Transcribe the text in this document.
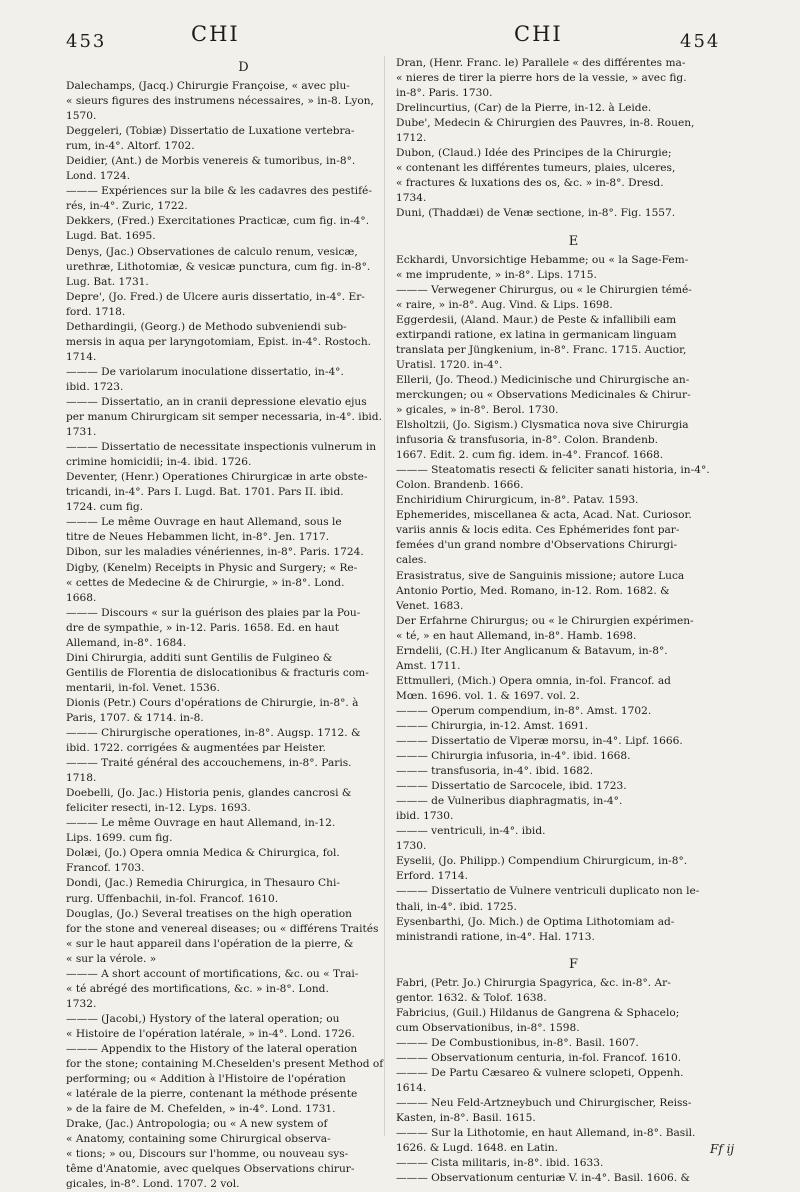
453	CHI	CHI	454
D
Dalechamps, (Jacq.) Chirurgie Françoise, « avec plu-
« sieurs figures des instrumens nécessaires, » in-8. Lyon,
1570.
Deggeleri, (Tobiæ) Dissertatio de Luxatione vertebra-
rum, in-4°. Altorf. 1702.
Deidier, (Ant.) de Morbis venereis & tumoribus, in-8°.
Lond. 1724.
——— Expériences sur la bile & les cadavres des pestifé-
rés, in-4°. Zuric, 1722.
Dekkers, (Fred.) Exercitationes Practicæ, cum fig. in-4°.
Lugd. Bat. 1695.
Denys, (Jac.) Observationes de calculo renum, vesicæ,
urethræ, Lithotomiæ, & vesicæ punctura, cum fig. in-8°.
Lug. Bat. 1731.
Depre', (Jo. Fred.) de Ulcere auris dissertatio, in-4°. Er-
ford. 1718.
Dethardingii, (Georg.) de Methodo subveniendi sub-
mersis in aqua per laryngotomiam, Epist. in-4°. Rostoch.
1714.
——— De variolarum inoculatione dissertatio, in-4°.
ibid. 1723.
——— Dissertatio, an in cranii depressione elevatio ejus
per manum Chirurgicam sit semper necessaria, in-4°. ibid.
1731.
——— Dissertatio de necessitate inspectionis vulnerum in
crimine homicidii; in-4. ibid. 1726.
Deventer, (Henr.) Operationes Chirurgicæ in arte obste-
tricandi, in-4°. Pars I. Lugd. Bat. 1701. Pars II. ibid.
1724. cum fig.
——— Le même Ouvrage en haut Allemand, sous le
titre de Neues Hebammen licht, in-8°. Jen. 1717.
Dibon, sur les maladies vénériennes, in-8°. Paris. 1724.
Digby, (Kenelm) Receipts in Physic and Surgery; « Re-
« cettes de Medecine & de Chirurgie, » in-8°. Lond.
1668.
——— Discours « sur la guérison des plaies par la Pou-
dre de sympathie, » in-12. Paris. 1658. Ed. en haut
Allemand, in-8°. 1684.
Dini Chirurgia, additi sunt Gentilis de Fulgineo &
Gentilis de Florentia de dislocationibus & fracturis com-
mentarii, in-fol. Venet. 1536.
Dionis (Petr.) Cours d'opérations de Chirurgie, in-8°. à
Paris, 1707. & 1714. in-8.
——— Chirurgische operationes, in-8°. Augsp. 1712. &
ibid. 1722. corrigées & augmentées par Heister.
——— Traité général des accouchemens, in-8°. Paris.
1718.
Doebelli, (Jo. Jac.) Historia penis, glandes cancrosi &
feliciter resecti, in-12. Lyps. 1693.
——— Le même Ouvrage en haut Allemand, in-12.
Lips. 1699. cum fig.
Dolæi, (Jo.) Opera omnia Medica & Chirurgica, fol.
Francof. 1703.
Dondi, (Jac.) Remedia Chirurgica, in Thesauro Chi-
rurg. Uffenbachii, in-fol. Francof. 1610.
Douglas, (Jo.) Several treatises on the high operation
for the stone and venereal diseases; ou « différens Traités
« sur le haut appareil dans l'opération de la pierre, &
« sur la vérole. »
——— A short account of mortifications, &c. ou « Trai-
« té abrégé des mortifications, &c. » in-8°. Lond.
1732.
——— (Jacobi,) Hystory of the lateral operation; ou
« Histoire de l'opération latérale, » in-4°. Lond. 1726.
——— Appendix to the History of the lateral operation
for the stone; containing M.Cheselden's present Method of
performing; ou « Addition à l'Histoire de l'opération
« latérale de la pierre, contenant la méthode présente
» de la faire de M. Chefelden, » in-4°. Lond. 1731.
Drake, (Jac.) Antropologia; ou « A new system of
« Anatomy, containing some Chirurgical observa-
« tions; » ou, Discours sur l'homme, ou nouveau sys-
tême d'Anatomie, avec quelques Observations chirur-
gicales, in-8°. Lond. 1707. 2 vol.
Dran, (Henr. Franc. le) Parallele « des différentes ma-
« nieres de tirer la pierre hors de la vessie, » avec fig.
in-8°. Paris. 1730.
Drelincurtius, (Car) de la Pierre, in-12. à Leide.
Dube', Medecin & Chirurgien des Pauvres, in-8. Rouen,
1712.
Dubon, (Claud.) Idée des Principes de la Chirurgie;
« contenant les différentes tumeurs, plaies, ulceres,
« fractures & luxations des os, &c. » in-8°. Dresd.
1734.
Duni, (Thaddæi) de Venæ sectione, in-8°. Fig. 1557.
E
Eckhardi, Unvorsichtige Hebamme; ou « la Sage-Fem-
« me imprudente, » in-8°. Lips. 1715.
——— Verwegener Chirurgus, ou « le Chirurgien témé-
« raire, » in-8°. Aug. Vind. & Lips. 1698.
Eggerdesii, (Aland. Maur.) de Peste & infallibili eam
extirpandi ratione, ex latina in germanicam linguam
translata per Jüngkenium, in-8°. Franc. 1715. Auctior,
Uratisl. 1720. in-4°.
Ellerii, (Jo. Theod.) Medicinische und Chirurgische an-
merckungen; ou « Observations Medicinales & Chirur-
» gicales, » in-8°. Berol. 1730.
Elsholtzii, (Jo. Sigism.) Clysmatica nova sive Chirurgia
infusoria & transfusoria, in-8°. Colon. Brandenb.
1667. Edit. 2. cum fig. idem. in-4°. Francof. 1668.
——— Steatomatis resecti & feliciter sanati historia, in-4°.
Colon. Brandenb. 1666.
Enchiridium Chirurgicum, in-8°. Patav. 1593.
Ephemerides, miscellanea & acta, Acad. Nat. Curiosor.
variis annis & locis edita. Ces Ephémerides font par-
femées d'un grand nombre d'Observations Chirurgi-
cales.
Erasistratus, sive de Sanguinis missione; autore Luca
Antonio Portio, Med. Romano, in-12. Rom. 1682. &
Venet. 1683.
Der Erfahrne Chirurgus; ou « le Chirurgien expérimen-
« té, » en haut Allemand, in-8°. Hamb. 1698.
Erndelii, (C.H.) Iter Anglicanum & Batavum, in-8°.
Amst. 1711.
Ettmulleri, (Mich.) Opera omnia, in-fol. Francof. ad
Mœn. 1696. vol. 1. & 1697. vol. 2.
——— Operum compendium, in-8°. Amst. 1702.
——— Chirurgia, in-12. Amst. 1691.
——— Dissertatio de Viperæ morsu, in-4°. Lipf. 1666.
——— Chirurgia infusoria, in-4°. ibid. 1668.
——— transfusoria, in-4°. ibid. 1682.
——— Dissertatio de Sarcocele, ibid. 1723.
——— de Vulneribus diaphragmatis, in-4°.
ibid. 1730.
——— ventriculi, in-4°. ibid.
1730.
Eyselii, (Jo. Philipp.) Compendium Chirurgicum, in-8°.
Erford. 1714.
——— Dissertatio de Vulnere ventriculi duplicato non le-
thali, in-4°. ibid. 1725.
Eysenbarthi, (Jo. Mich.) de Optima Lithotomiam ad-
ministrandi ratione, in-4°. Hal. 1713.
F
Fabri, (Petr. Jo.) Chirurgia Spagyrica, &c. in-8°. Ar-
gentor. 1632. & Tolof. 1638.
Fabricius, (Guil.) Hildanus de Gangrena & Sphacelo;
cum Observationibus, in-8°. 1598.
——— De Combustionibus, in-8°. Basil. 1607.
——— Observationum centuria, in-fol. Francof. 1610.
——— De Partu Cæsareo & vulnere sclopeti, Oppenh.
1614.
——— Neu Feld-Artzneybuch und Chirurgischer, Reiss-
Kasten, in-8°. Basil. 1615.
——— Sur la Lithotomie, en haut Allemand, in-8°. Basil.
1626. & Lugd. 1648. en Latin.
——— Cista militaris, in-8°. ibid. 1633.
——— Observationum centuriæ V. in-4°. Basil. 1606. &
Ff ij
